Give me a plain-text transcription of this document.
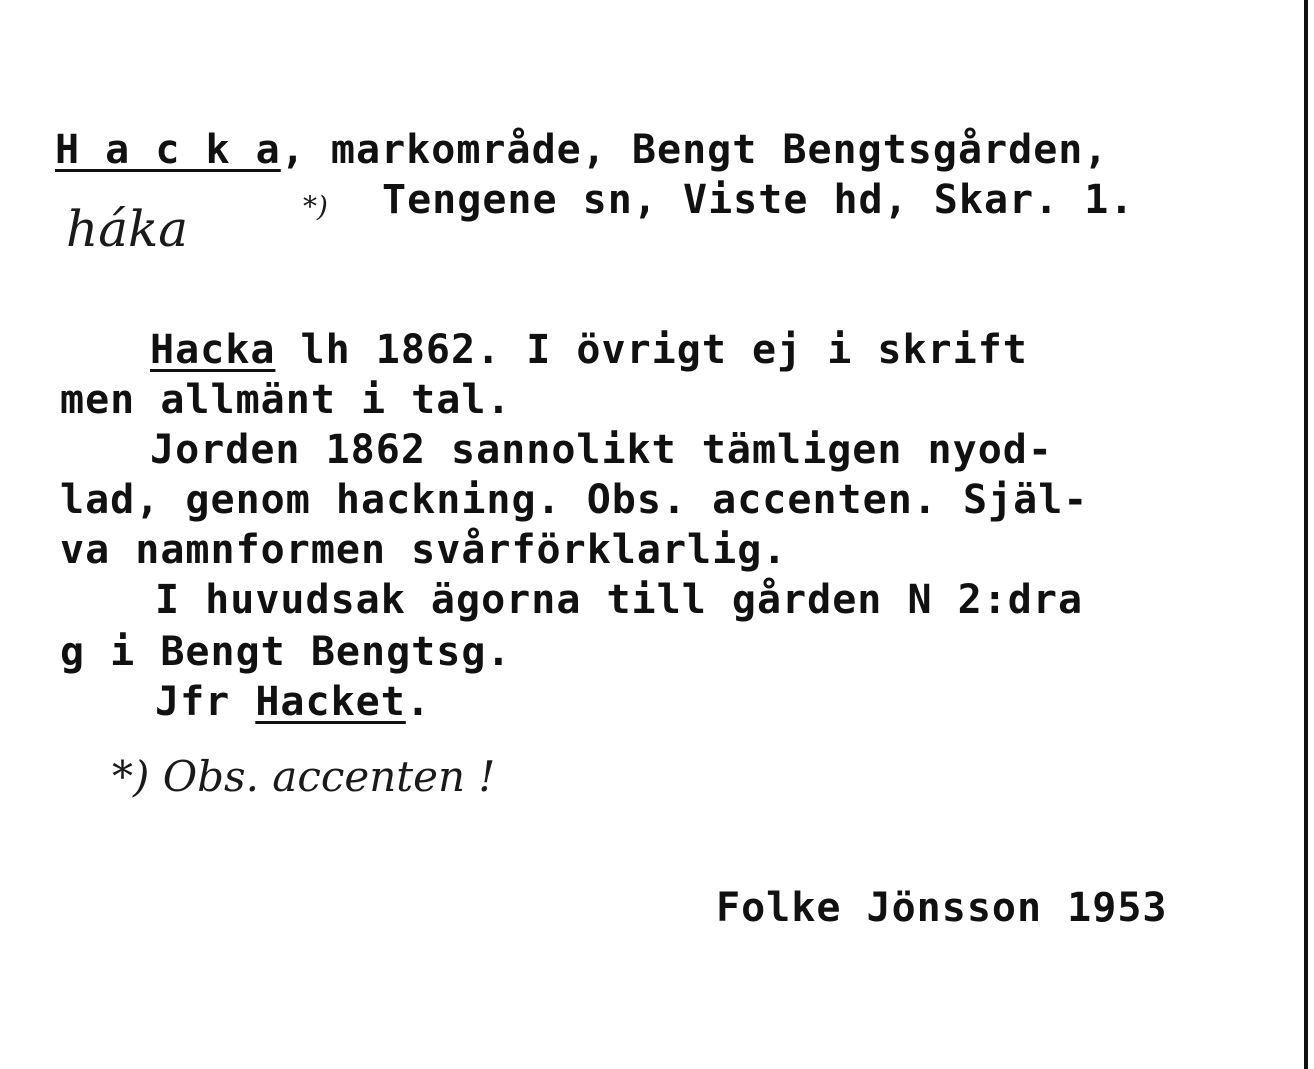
H a c k a, markområde, Bengt Bengtsgården,
Tengene sn, Viste hd, Skar. 1.
háka	*)
Hacka lh 1862. I övrigt ej i skrift
men allmänt i tal.
Jorden 1862 sannolikt tämligen nyod-
lad, genom hackning. Obs. accenten. Själ-
va namnformen svårförklarlig.
I huvudsak ägorna till gården N 2:dra
g i Bengt Bengtsg.
Jfr Hacket.
*) Obs. accenten !
Folke Jönsson 1953
